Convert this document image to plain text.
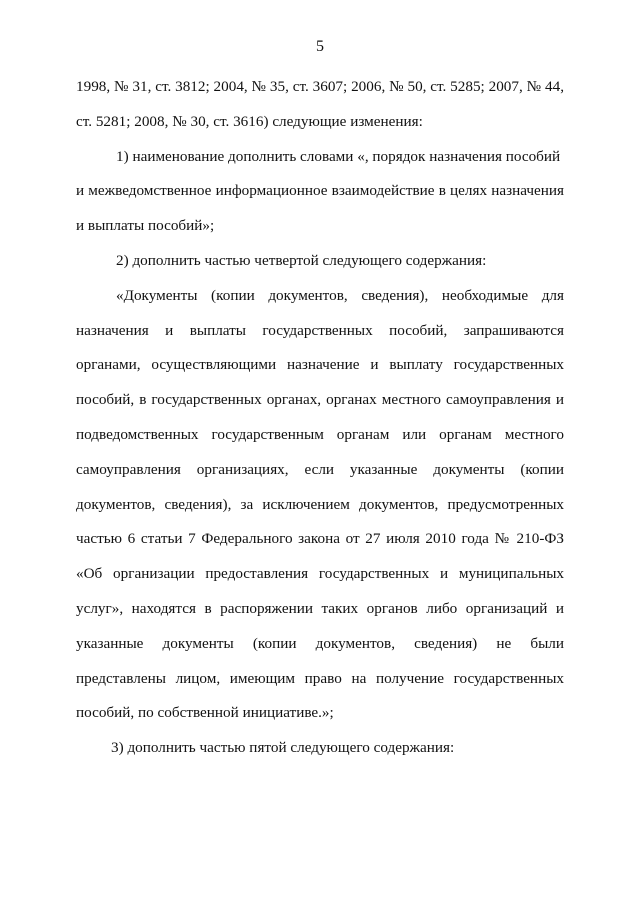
5
1998, № 31, ст. 3812; 2004, № 35, ст. 3607; 2006, № 50, ст. 5285; 2007, № 44,
ст. 5281; 2008, № 30, ст. 3616) следующие изменения:
1) наименование дополнить словами «, порядок назначения пособий
и межведомственное информационное взаимодействие в целях назначения
и выплаты пособий»;
2) дополнить частью четвертой следующего содержания:
«Документы (копии документов, сведения), необходимые для
назначения и выплаты государственных пособий, запрашиваются
органами, осуществляющими назначение и выплату государственных
пособий, в государственных органах, органах местного самоуправления и
подведомственных государственным органам или органам местного
самоуправления организациях, если указанные документы (копии
документов, сведения), за исключением документов, предусмотренных
частью 6 статьи 7 Федерального закона от 27 июля 2010 года № 210-ФЗ
«Об организации предоставления государственных и муниципальных
услуг», находятся в распоряжении таких органов либо организаций и
указанные документы (копии документов, сведения) не были
представлены лицом, имеющим право на получение государственных
пособий, по собственной инициативе.»;
3) дополнить частью пятой следующего содержания:
